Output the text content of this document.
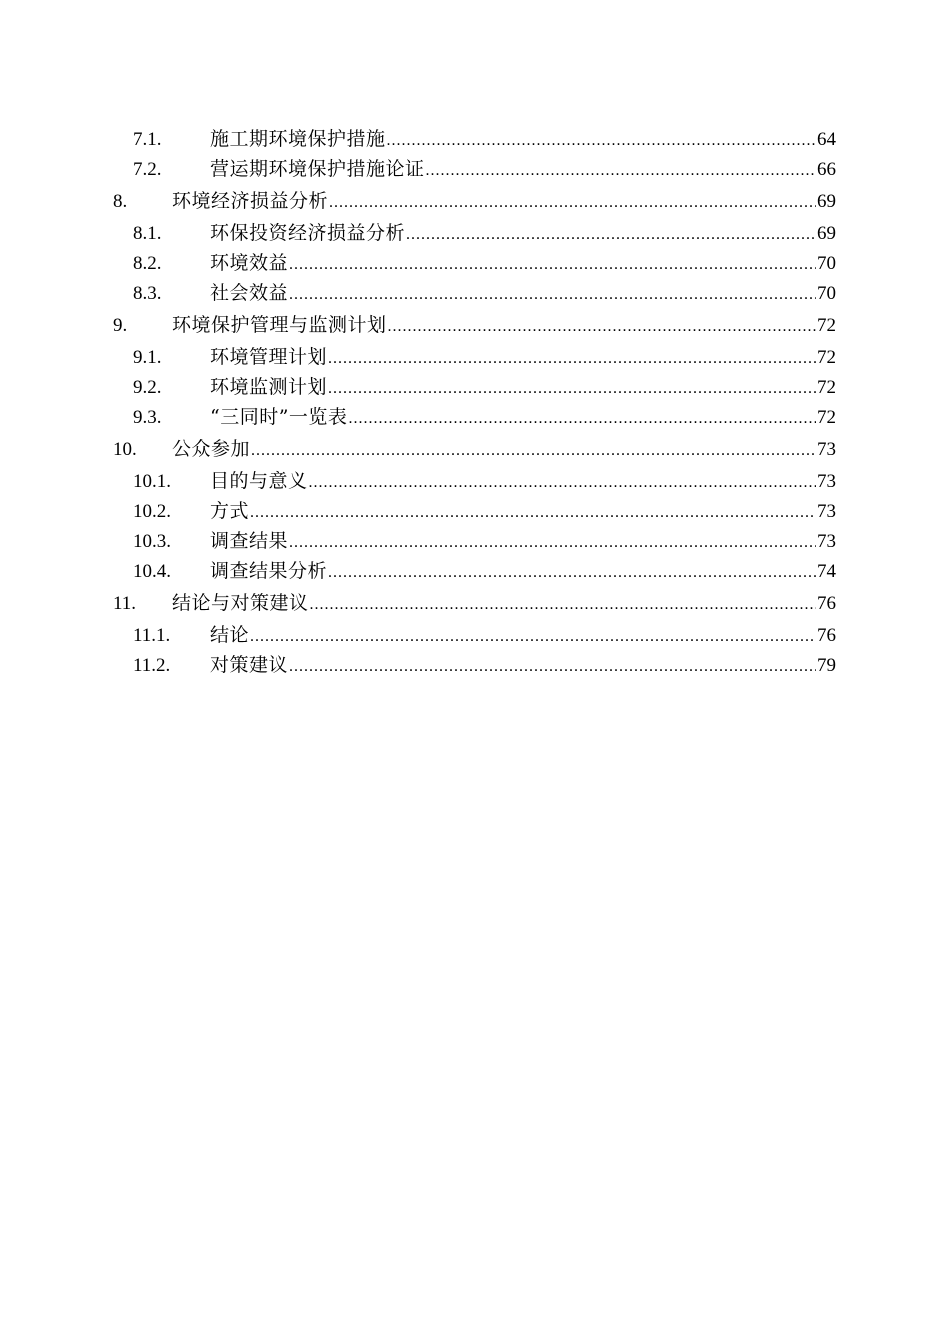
7.1.	施工期环境保护措施 .....	64
7.2.	营运期环境保护措施论证 .....	66
8.	环境经济损益分析 .....	69
8.1.	环保投资经济损益分析 .....	69
8.2.	环境效益 .....	70
8.3.	社会效益 .....	70
9.	环境保护管理与监测计划 .....	72
9.1.	环境管理计划 .....	72
9.2.	环境监测计划 .....	72
9.3.	“三同时”一览表 .....	72
10.	公众参加 .....	73
10.1.	目的与意义 .....	73
10.2.	方式 .....	73
10.3.	调查结果 .....	73
10.4.	调查结果分析 .....	74
11.	结论与对策建议 .....	76
11.1.	结论 .....	76
11.2.	对策建议 .....	79
